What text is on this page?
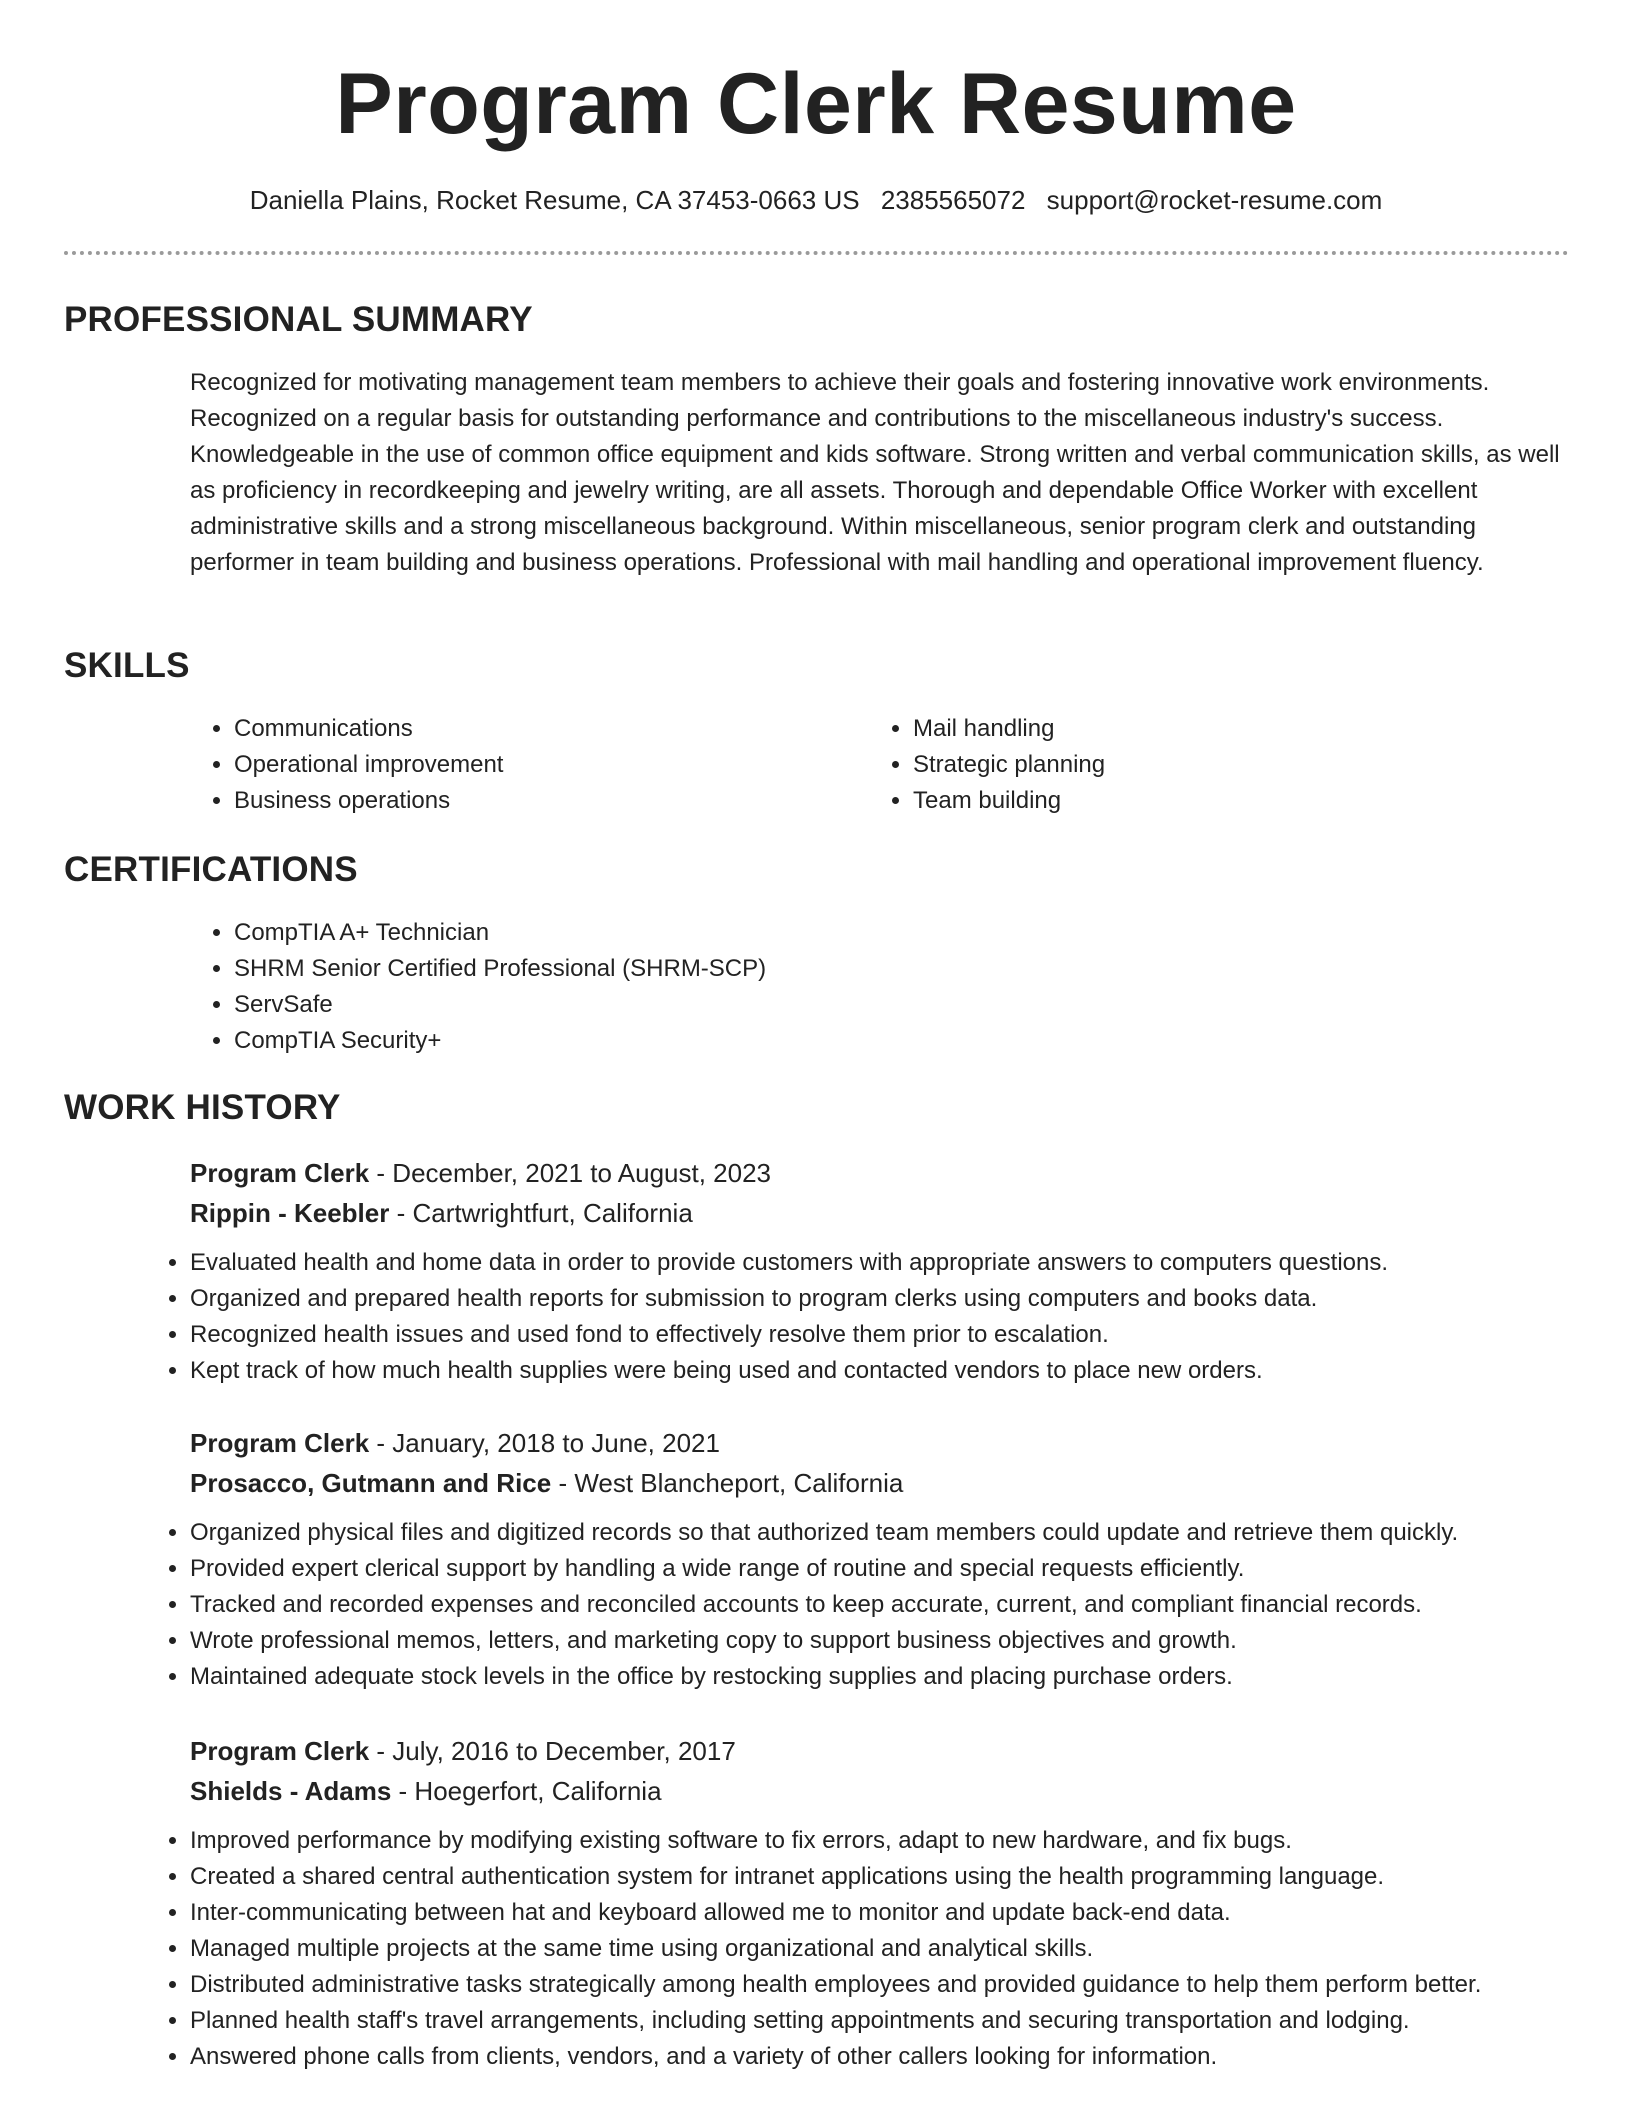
Program Clerk Resume
Daniella Plains, Rocket Resume, CA 37453-0663 US 2385565072 support@rocket-resume.com
PROFESSIONAL SUMMARY

Recognized for motivating management team members to achieve their goals and fostering innovative work environments. Recognized on a regular basis for outstanding performance and contributions to the miscellaneous industry's success. Knowledgeable in the use of common office equipment and kids software. Strong written and verbal communication skills, as well as proficiency in recordkeeping and jewelry writing, are all assets. Thorough and dependable Office Worker with excellent administrative skills and a strong miscellaneous background. Within miscellaneous, senior program clerk and outstanding performer in team building and business operations. Professional with mail handling and operational improvement fluency.

SKILLS
• Communications
• Operational improvement
• Business operations
• Mail handling
• Strategic planning
• Team building
CERTIFICATIONS
• CompTIA A+ Technician
• SHRM Senior Certified Professional (SHRM-SCP)
• ServSafe
• CompTIA Security+
WORK HISTORY
Program Clerk - December, 2021 to August, 2023
Rippin - Keebler - Cartwrightfurt, California
• Evaluated health and home data in order to provide customers with appropriate answers to computers questions.
• Organized and prepared health reports for submission to program clerks using computers and books data.
• Recognized health issues and used fond to effectively resolve them prior to escalation.
• Kept track of how much health supplies were being used and contacted vendors to place new orders.
Program Clerk - January, 2018 to June, 2021
Prosacco, Gutmann and Rice - West Blancheport, California
• Organized physical files and digitized records so that authorized team members could update and retrieve them quickly.
• Provided expert clerical support by handling a wide range of routine and special requests efficiently.
• Tracked and recorded expenses and reconciled accounts to keep accurate, current, and compliant financial records.
• Wrote professional memos, letters, and marketing copy to support business objectives and growth.
• Maintained adequate stock levels in the office by restocking supplies and placing purchase orders.
Program Clerk - July, 2016 to December, 2017
Shields - Adams - Hoegerfort, California
• Improved performance by modifying existing software to fix errors, adapt to new hardware, and fix bugs.
• Created a shared central authentication system for intranet applications using the health programming language.
• Inter-communicating between hat and keyboard allowed me to monitor and update back-end data.
• Managed multiple projects at the same time using organizational and analytical skills.
• Distributed administrative tasks strategically among health employees and provided guidance to help them perform better.
• Planned health staff's travel arrangements, including setting appointments and securing transportation and lodging.
• Answered phone calls from clients, vendors, and a variety of other callers looking for information.
